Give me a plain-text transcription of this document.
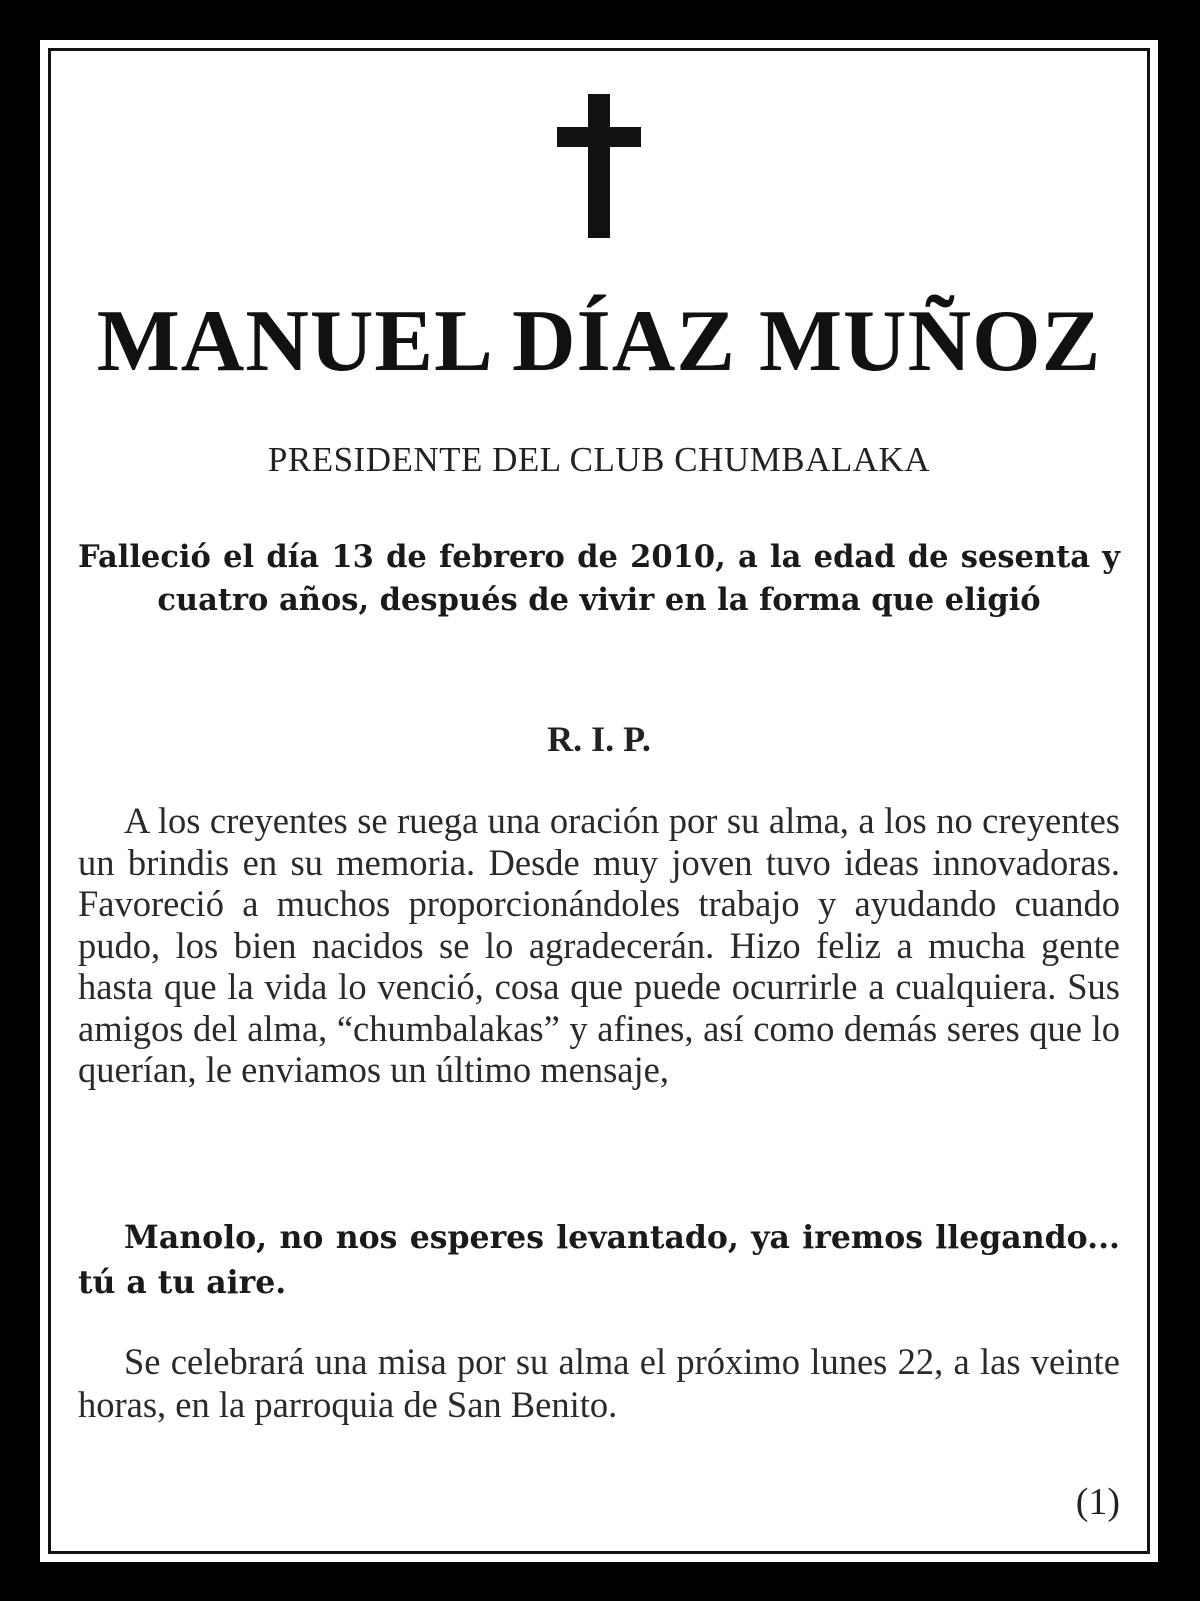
MANUEL DÍAZ MUÑOZ
PRESIDENTE DEL CLUB CHUMBALAKA
Falleció el día 13 de febrero de 2010, a la edad de sesenta y cuatro años, después de vivir en la forma que eligió
R. I. P.
A los creyentes se ruega una oración por su alma, a los no creyentes un brindis en su memoria. Desde muy joven tuvo ideas innovadoras. Favoreció a muchos proporcionándoles trabajo y ayudando cuando pudo, los bien nacidos se lo agradecerán. Hizo feliz a mucha gente hasta que la vida lo venció, cosa que puede ocurrirle a cualquiera. Sus amigos del alma, “chumbalakas” y afines, así como demás seres que lo querían, le enviamos un último mensaje,
Manolo, no nos esperes levantado, ya iremos llegando... tú a tu aire.
Se celebrará una misa por su alma el próximo lunes 22, a las veinte horas, en la parroquia de San Benito.
(1)
